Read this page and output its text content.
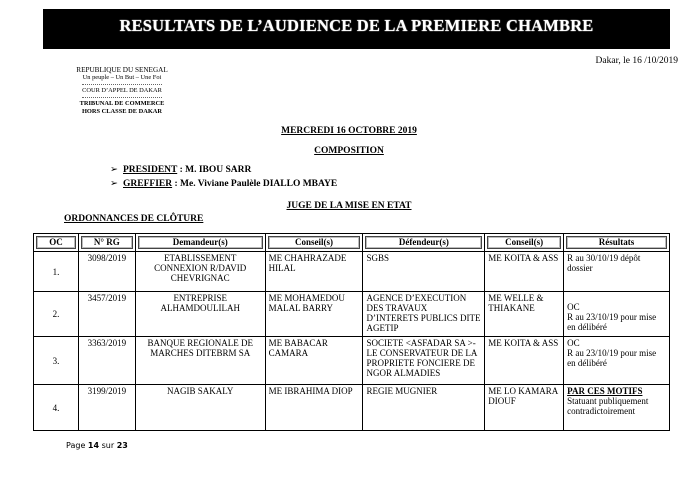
RESULTATS DE L’AUDIENCE DE LA PREMIERE CHAMBRE
Dakar, le 16 /10/2019
REPUBLIQUE DU SENEGAL
Un peuple – Un But – Une Foi
COUR D’APPEL DE DAKAR
TRIBUNAL DE COMMERCE
HORS CLASSE DE DAKAR
MERCREDI 16 OCTOBRE 2019
COMPOSITION
➢ PRESIDENT : M. IBOU SARR
➢ GREFFIER : Me. Viviane Paulèle DIALLO MBAYE
JUGE DE LA MISE EN ETAT
ORDONNANCES DE CLÔTURE
OC	N° RG	Demandeur(s)	Conseil(s)	Défendeur(s)	Conseil(s)	Résultats

1.	3098/2019	ETABLISSEMENT CONNEXION R/DAVID CHEVRIGNAC	ME CHAHRAZADE HILAL	SGBS	ME KOITA & ASS	R au 30/10/19 dépôt dossier

2.	3457/2019	ENTREPRISE ALHAMDOULILAH	ME MOHAMEDOU MALAL BARRY	AGENCE D’EXECUTION DES TRAVAUX D’INTERETS PUBLICS DITE AGETIP	ME WELLE & THIAKANE	OC
R au 23/10/19 pour mise en délibéré

3.	3363/2019	BANQUE REGIONALE DE MARCHES DITEBRM SA	ME BABACAR CAMARA	SOCIETE <ASFADAR SA >- LE CONSERVATEUR DE LA PROPRIETE FONCIERE DE NGOR ALMADIES	ME KOITA & ASS	OC
R au 23/10/19 pour mise en délibéré

4.	3199/2019	NAGIB SAKALY	ME IBRAHIMA DIOP	REGIE MUGNIER	ME LO KAMARA DIOUF	PAR CES MOTIFS
Statuant publiquement contradictoirement
Page 14 sur 23
